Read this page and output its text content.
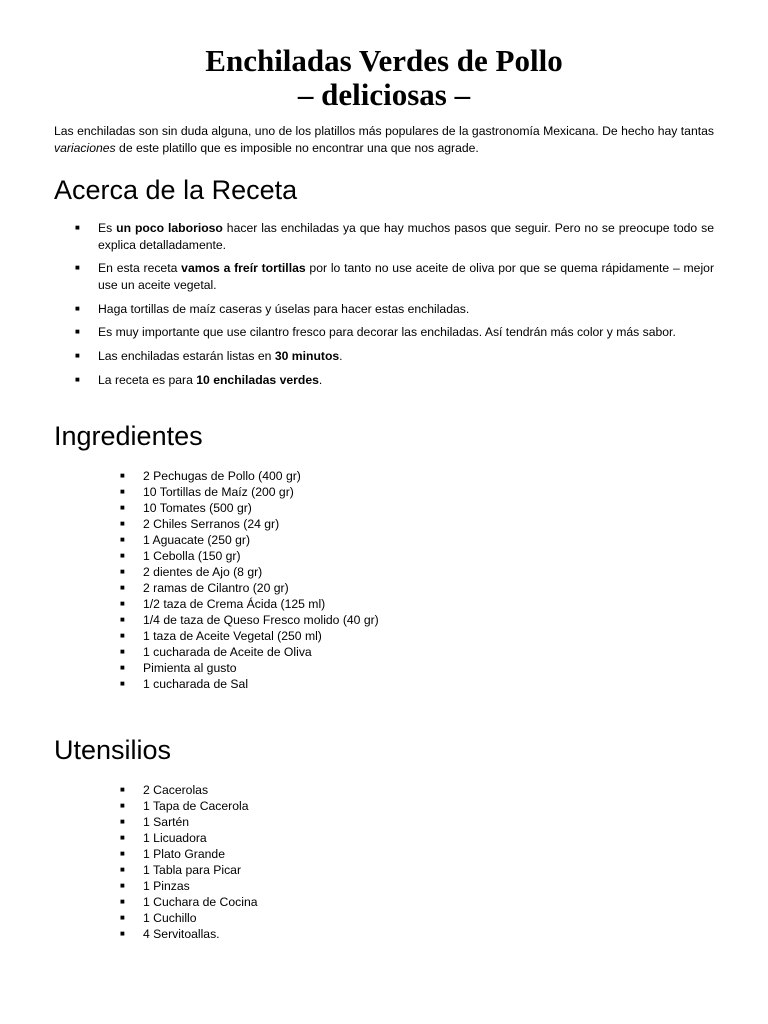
Enchiladas Verdes de Pollo
– deliciosas –

Las enchiladas son sin duda alguna, uno de los platillos más populares de la gastronomía Mexicana. De hecho hay tantas variaciones de este platillo que es imposible no encontrar una que nos agrade.

Acerca de la Receta
■ Es un poco laborioso hacer las enchiladas ya que hay muchos pasos que seguir. Pero no se preocupe todo se explica detalladamente.
■ En esta receta vamos a freír tortillas por lo tanto no use aceite de oliva por que se quema rápidamente – mejor use un aceite vegetal.
■ Haga tortillas de maíz caseras y úselas para hacer estas enchiladas.
■ Es muy importante que use cilantro fresco para decorar las enchiladas. Así tendrán más color y más sabor.
■ Las enchiladas estarán listas en 30 minutos.
■ La receta es para 10 enchiladas verdes.
Ingredientes
■ 2 Pechugas de Pollo (400 gr)
■ 10 Tortillas de Maíz (200 gr)
■ 10 Tomates (500 gr)
■ 2 Chiles Serranos (24 gr)
■ 1 Aguacate (250 gr)
■ 1 Cebolla (150 gr)
■ 2 dientes de Ajo (8 gr)
■ 2 ramas de Cilantro (20 gr)
■ 1/2 taza de Crema Ácida (125 ml)
■ 1/4 de taza de Queso Fresco molido (40 gr)
■ 1 taza de Aceite Vegetal (250 ml)
■ 1 cucharada de Aceite de Oliva
■ Pimienta al gusto
■ 1 cucharada de Sal
Utensilios
■ 2 Cacerolas
■ 1 Tapa de Cacerola
■ 1 Sartén
■ 1 Licuadora
■ 1 Plato Grande
■ 1 Tabla para Picar
■ 1 Pinzas
■ 1 Cuchara de Cocina
■ 1 Cuchillo
■ 4 Servitoallas.
